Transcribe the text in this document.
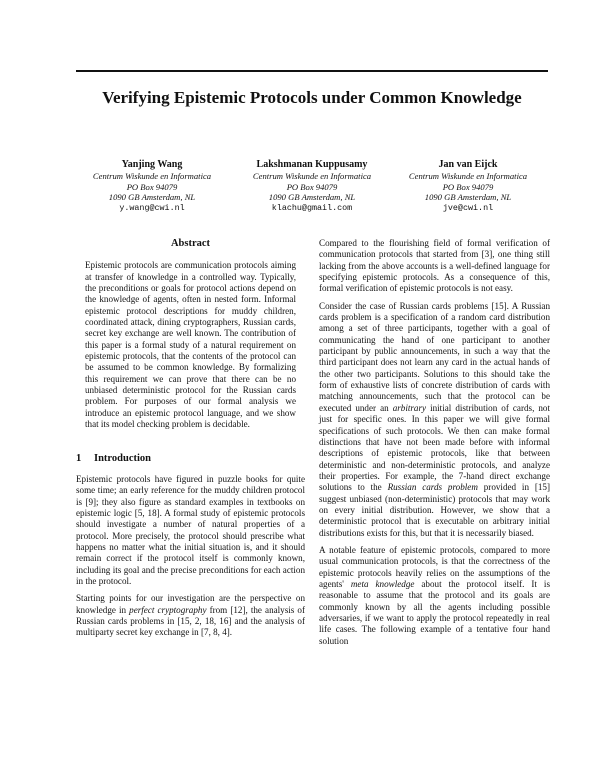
Verifying Epistemic Protocols under Common Knowledge
Yanjing Wang
Centrum Wiskunde en Informatica
PO Box 94079
1090 GB Amsterdam, NL
y.wang@cwi.nl
Lakshmanan Kuppusamy
Centrum Wiskunde en Informatica
PO Box 94079
1090 GB Amsterdam, NL
klachu@gmail.com
Jan van Eijck
Centrum Wiskunde en Informatica
PO Box 94079
1090 GB Amsterdam, NL
jve@cwi.nl
Abstract

Epistemic protocols are communication protocols aiming at transfer of knowledge in a controlled way. Typically, the preconditions or goals for protocol actions depend on the knowledge of agents, often in nested form. Informal epistemic protocol descriptions for muddy children, coordinated attack, dining cryptographers, Russian cards, secret key exchange are well known. The contribution of this paper is a formal study of a natural requirement on epistemic protocols, that the contents of the protocol can be assumed to be common knowledge. By formalizing this requirement we can prove that there can be no unbiased deterministic protocol for the Russian cards problem. For purposes of our formal analysis we introduce an epistemic protocol language, and we show that its model checking problem is decidable.

1 Introduction

Epistemic protocols have figured in puzzle books for quite some time; an early reference for the muddy children protocol is [9]; they also figure as standard examples in textbooks on epistemic logic [5, 18]. A formal study of epistemic protocols should investigate a number of natural properties of a protocol. More precisely, the protocol should prescribe what happens no matter what the initial situation is, and it should remain correct if the protocol itself is commonly known, including its goal and the precise preconditions for each action in the protocol.

Starting points for our investigation are the perspective on knowledge in perfect cryptography from [12], the analysis of Russian cards problems in [15, 2, 18, 16] and the analysis of multiparty secret key exchange in [7, 8, 4].

Compared to the flourishing field of formal verification of communication protocols that started from [3], one thing still lacking from the above accounts is a well-defined language for specifying epistemic protocols. As a consequence of this, formal verification of epistemic protocols is not easy.

Consider the case of Russian cards problems [15]. A Russian cards problem is a specification of a random card distribution among a set of three participants, together with a goal of communicating the hand of one participant to another participant by public announcements, in such a way that the third participant does not learn any card in the actual hands of the other two participants. Solutions to this should take the form of exhaustive lists of concrete distribution of cards with matching announcements, such that the protocol can be executed under an arbitrary initial distribution of cards, not just for specific ones. In this paper we will give formal specifications of such protocols. We then can make formal distinctions that have not been made before with informal descriptions of epistemic protocols, like that between deterministic and non-deterministic protocols, and analyze their properties. For example, the 7-hand direct exchange solutions to the Russian cards problem provided in [15] suggest unbiased (non-deterministic) protocols that may work on every initial distribution. However, we show that a deterministic protocol that is executable on arbitrary initial distributions exists for this, but that it is necessarily biased.

A notable feature of epistemic protocols, compared to more usual communication protocols, is that the correctness of the epistemic protocols heavily relies on the assumptions of the agents' meta knowledge about the protocol itself. It is reasonable to assume that the protocol and its goals are commonly known by all the agents including possible adversaries, if we want to apply the protocol repeatedly in real life cases. The following example of a tentative four hand solution
